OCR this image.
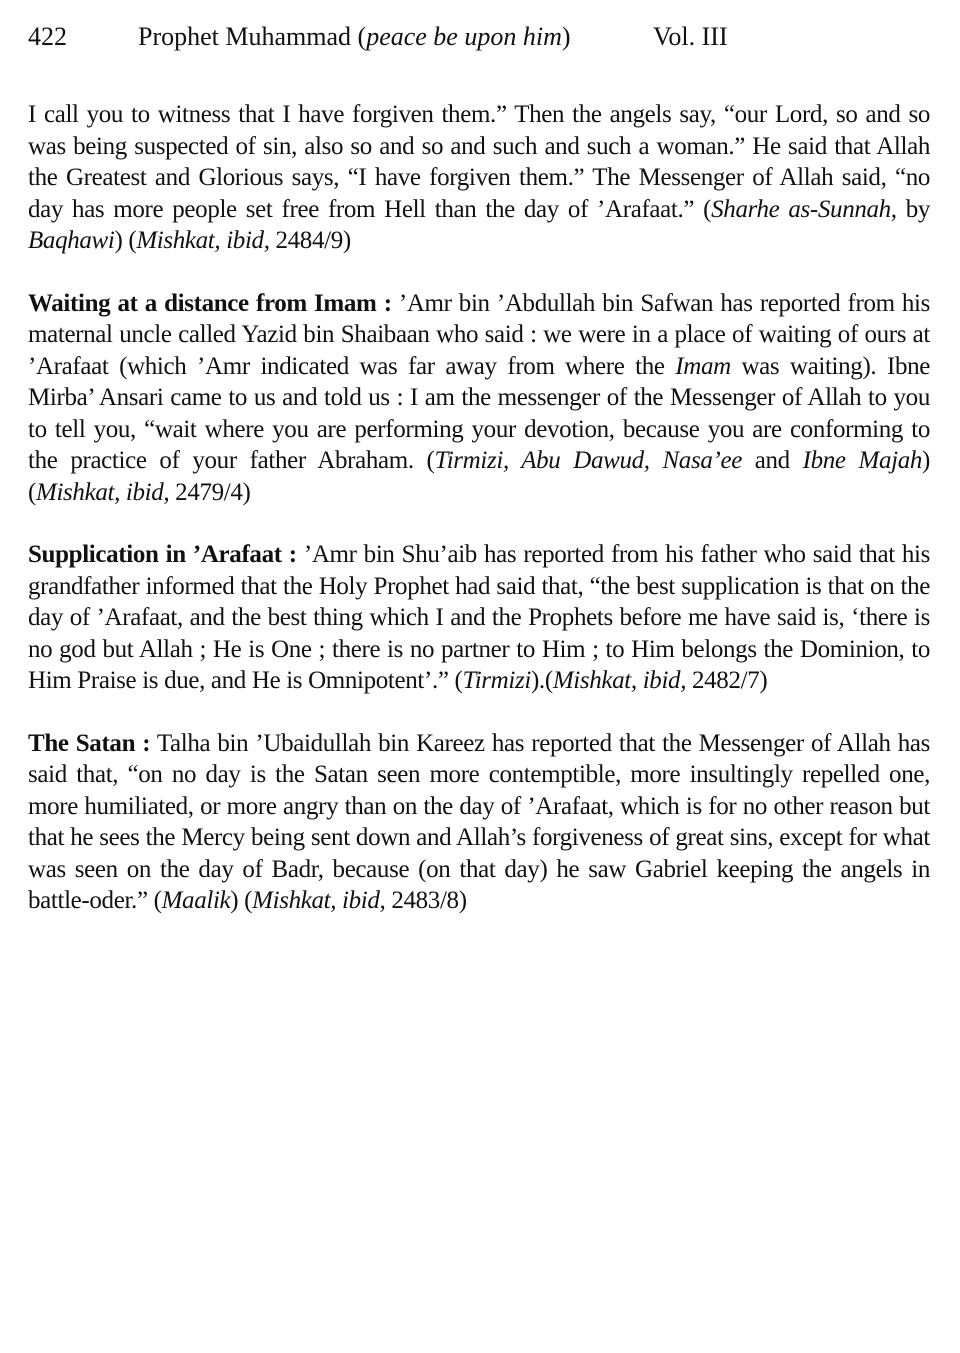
422	Prophet Muhammad (peace be upon him)	Vol. III

I call you to witness that I have forgiven them.” Then the angels say, “our Lord, so and so was being suspected of sin, also so and so and such and such a woman.” He said that Allah the Greatest and Glorious says, “I have forgiven them.” The Messenger of Allah said, “no day has more people set free from Hell than the day of ’Arafaat.” (Sharhe as-Sunnah, by Baqhawi) (Mishkat, ibid, 2484/9)

Waiting at a distance from Imam : ’Amr bin ’Abdullah bin Safwan has reported from his maternal uncle called Yazid bin Shaibaan who said : we were in a place of waiting of ours at ’Arafaat (which ’Amr indicated was far away from where the Imam was waiting). Ibne Mirba’ Ansari came to us and told us : I am the messenger of the Messenger of Allah to you to tell you, “wait where you are performing your devotion, because you are conforming to the practice of your father Abraham. (Tirmizi, Abu Dawud, Nasa’ee and Ibne Majah) (Mishkat, ibid, 2479/4)

Supplication in ’Arafaat : ’Amr bin Shu’aib has reported from his father who said that his grandfather informed that the Holy Prophet had said that, “the best supplication is that on the day of ’Arafaat, and the best thing which I and the Prophets before me have said is, ‘there is no god but Allah ; He is One ; there is no partner to Him ; to Him belongs the Dominion, to Him Praise is due, and He is Omnipotent’.” (Tirmizi).(Mishkat, ibid, 2482/7)

The Satan : Talha bin ’Ubaidullah bin Kareez has reported that the Messenger of Allah has said that, “on no day is the Satan seen more contemptible, more insultingly repelled one, more humiliated, or more angry than on the day of ’Arafaat, which is for no other reason but that he sees the Mercy being sent down and Allah’s forgiveness of great sins, except for what was seen on the day of Badr, because (on that day) he saw Gabriel keeping the angels in battle-oder.” (Maalik) (Mishkat, ibid, 2483/8)
